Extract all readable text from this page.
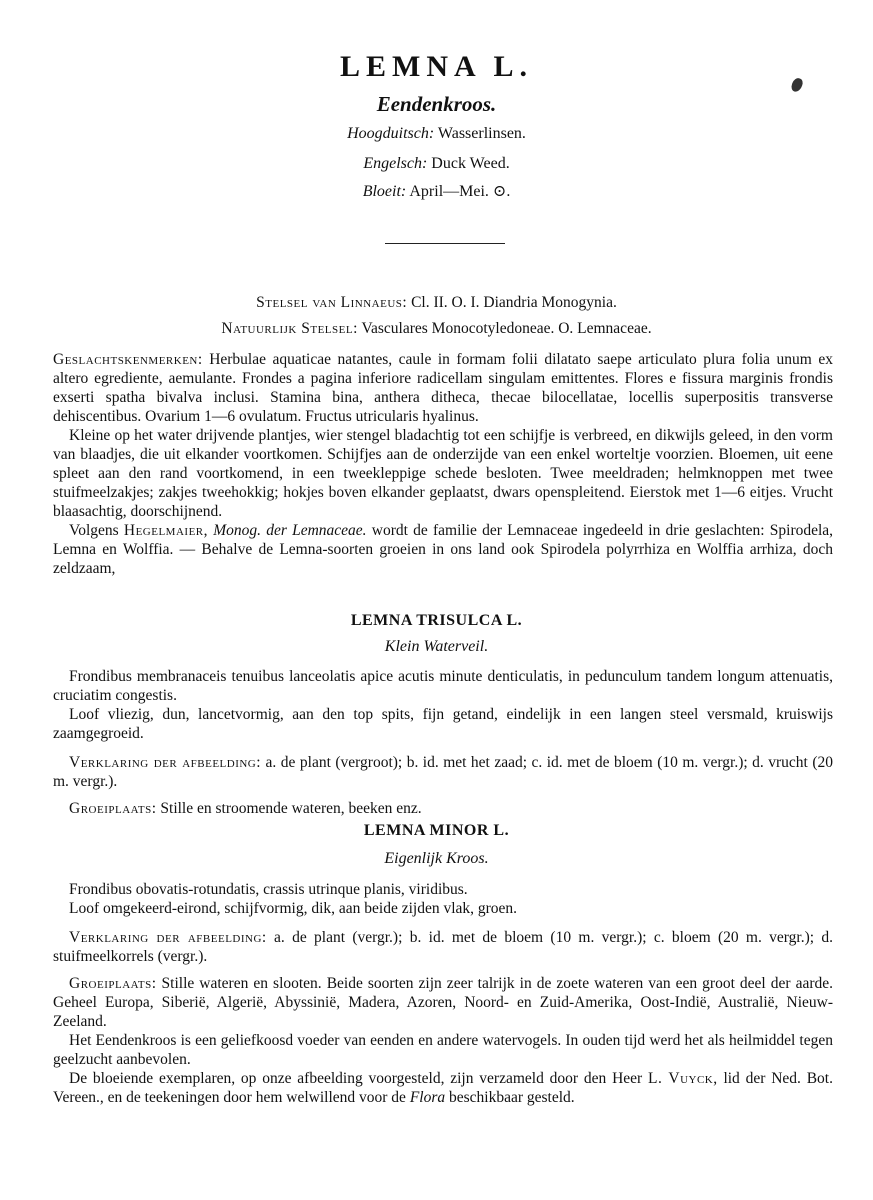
LEMNA L.
Eendenkroos.
Hoogduitsch: Wasserlinsen.
Engelsch: Duck Weed.
Bloeit: April—Mei. ⊙.
Stelsel van Linnaeus: Cl. II. O. I. Diandria Monogynia.
Natuurlijk Stelsel: Vasculares Monocotyledoneae. O. Lemnaceae.

Geslachtskenmerken: Herbulae aquaticae natantes, caule in formam folii dilatato saepe articulato plura folia unum ex altero egrediente, aemulante. Frondes a pagina inferiore radicellam singulam emittentes. Flores e fissura marginis frondis exserti spatha bivalva inclusi. Stamina bina, anthera ditheca, thecae bilocellatae, locellis superpositis transverse dehiscentibus. Ovarium 1—6 ovulatum. Fructus utricularis hyalinus.

Kleine op het water drijvende plantjes, wier stengel bladachtig tot een schijfje is verbreed, en dikwijls geleed, in den vorm van blaadjes, die uit elkander voortkomen. Schijfjes aan de onderzijde van een enkel worteltje voorzien. Bloemen, uit eene spleet aan den rand voortkomend, in een tweekleppige schede besloten. Twee meeldraden; helmknoppen met twee stuifmeelzakjes; zakjes tweehokkig; hokjes boven elkander geplaatst, dwars openspleitend. Eierstok met 1—6 eitjes. Vrucht blaasachtig, doorschijnend.

Volgens Hegelmaier, Monog. der Lemnaceae. wordt de familie der Lemnaceae ingedeeld in drie geslachten: Spirodela, Lemna en Wolffia. — Behalve de Lemna-soorten groeien in ons land ook Spirodela polyrrhiza en Wolffia arrhiza, doch zeldzaam,

LEMNA TRISULCA L.
Klein Waterveil.

Frondibus membranaceis tenuibus lanceolatis apice acutis minute denticulatis, in pedunculum tandem longum attenuatis, cruciatim congestis.

Loof vliezig, dun, lancetvormig, aan den top spits, fijn getand, eindelijk in een langen steel versmald, kruiswijs zaamgegroeid.

Verklaring der afbeelding: a. de plant (vergroot); b. id. met het zaad; c. id. met de bloem (10 m. vergr.); d. vrucht (20 m. vergr.).

Groeiplaats: Stille en stroomende wateren, beeken enz.

LEMNA MINOR L.
Eigenlijk Kroos.

Frondibus obovatis-rotundatis, crassis utrinque planis, viridibus.

Loof omgekeerd-eirond, schijfvormig, dik, aan beide zijden vlak, groen.

Verklaring der afbeelding: a. de plant (vergr.); b. id. met de bloem (10 m. vergr.); c. bloem (20 m. vergr.); d. stuifmeelkorrels (vergr.).

Groeiplaats: Stille wateren en slooten. Beide soorten zijn zeer talrijk in de zoete wateren van een groot deel der aarde. Geheel Europa, Siberië, Algerië, Abyssinië, Madera, Azoren, Noord- en Zuid-Amerika, Oost-Indië, Australië, Nieuw-Zeeland.

Het Eendenkroos is een geliefkoosd voeder van eenden en andere watervogels. In ouden tijd werd het als heilmiddel tegen geelzucht aanbevolen.

De bloeiende exemplaren, op onze afbeelding voorgesteld, zijn verzameld door den Heer L. Vuyck, lid der Ned. Bot. Vereen., en de teekeningen door hem welwillend voor de Flora beschikbaar gesteld.
